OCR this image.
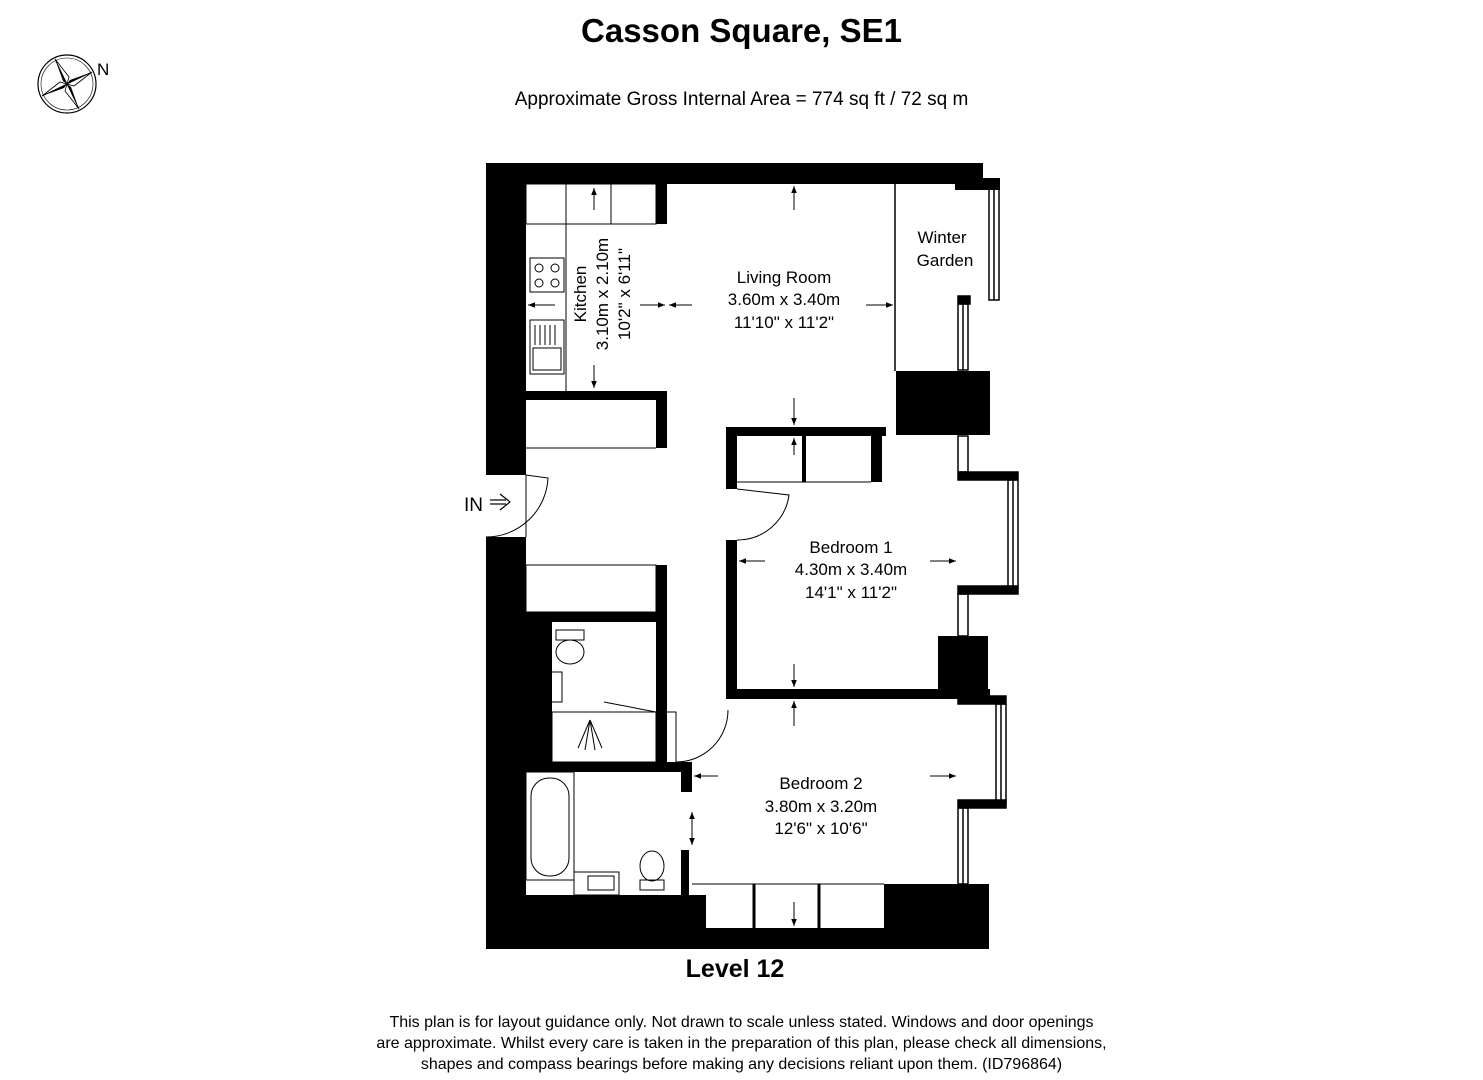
Casson Square, SE1
Approximate Gross Internal Area = 774 sq ft / 72 sq m
N
IN
Kitchen 3.10m x 2.10m 10'2" x 6'11"	Living Room
3.60m x 3.40m
11'10" x 11'2"
Winter
Garden
Bedroom 1
4.30m x 3.40m
14'1" x 11'2"
Bedroom 2
3.80m x 3.20m
12'6" x 10'6"
Level 12
This plan is for layout guidance only. Not drawn to scale unless stated. Windows and door openings
are approximate. Whilst every care is taken in the preparation of this plan, please check all dimensions,
shapes and compass bearings before making any decisions reliant upon them. (ID796864)
